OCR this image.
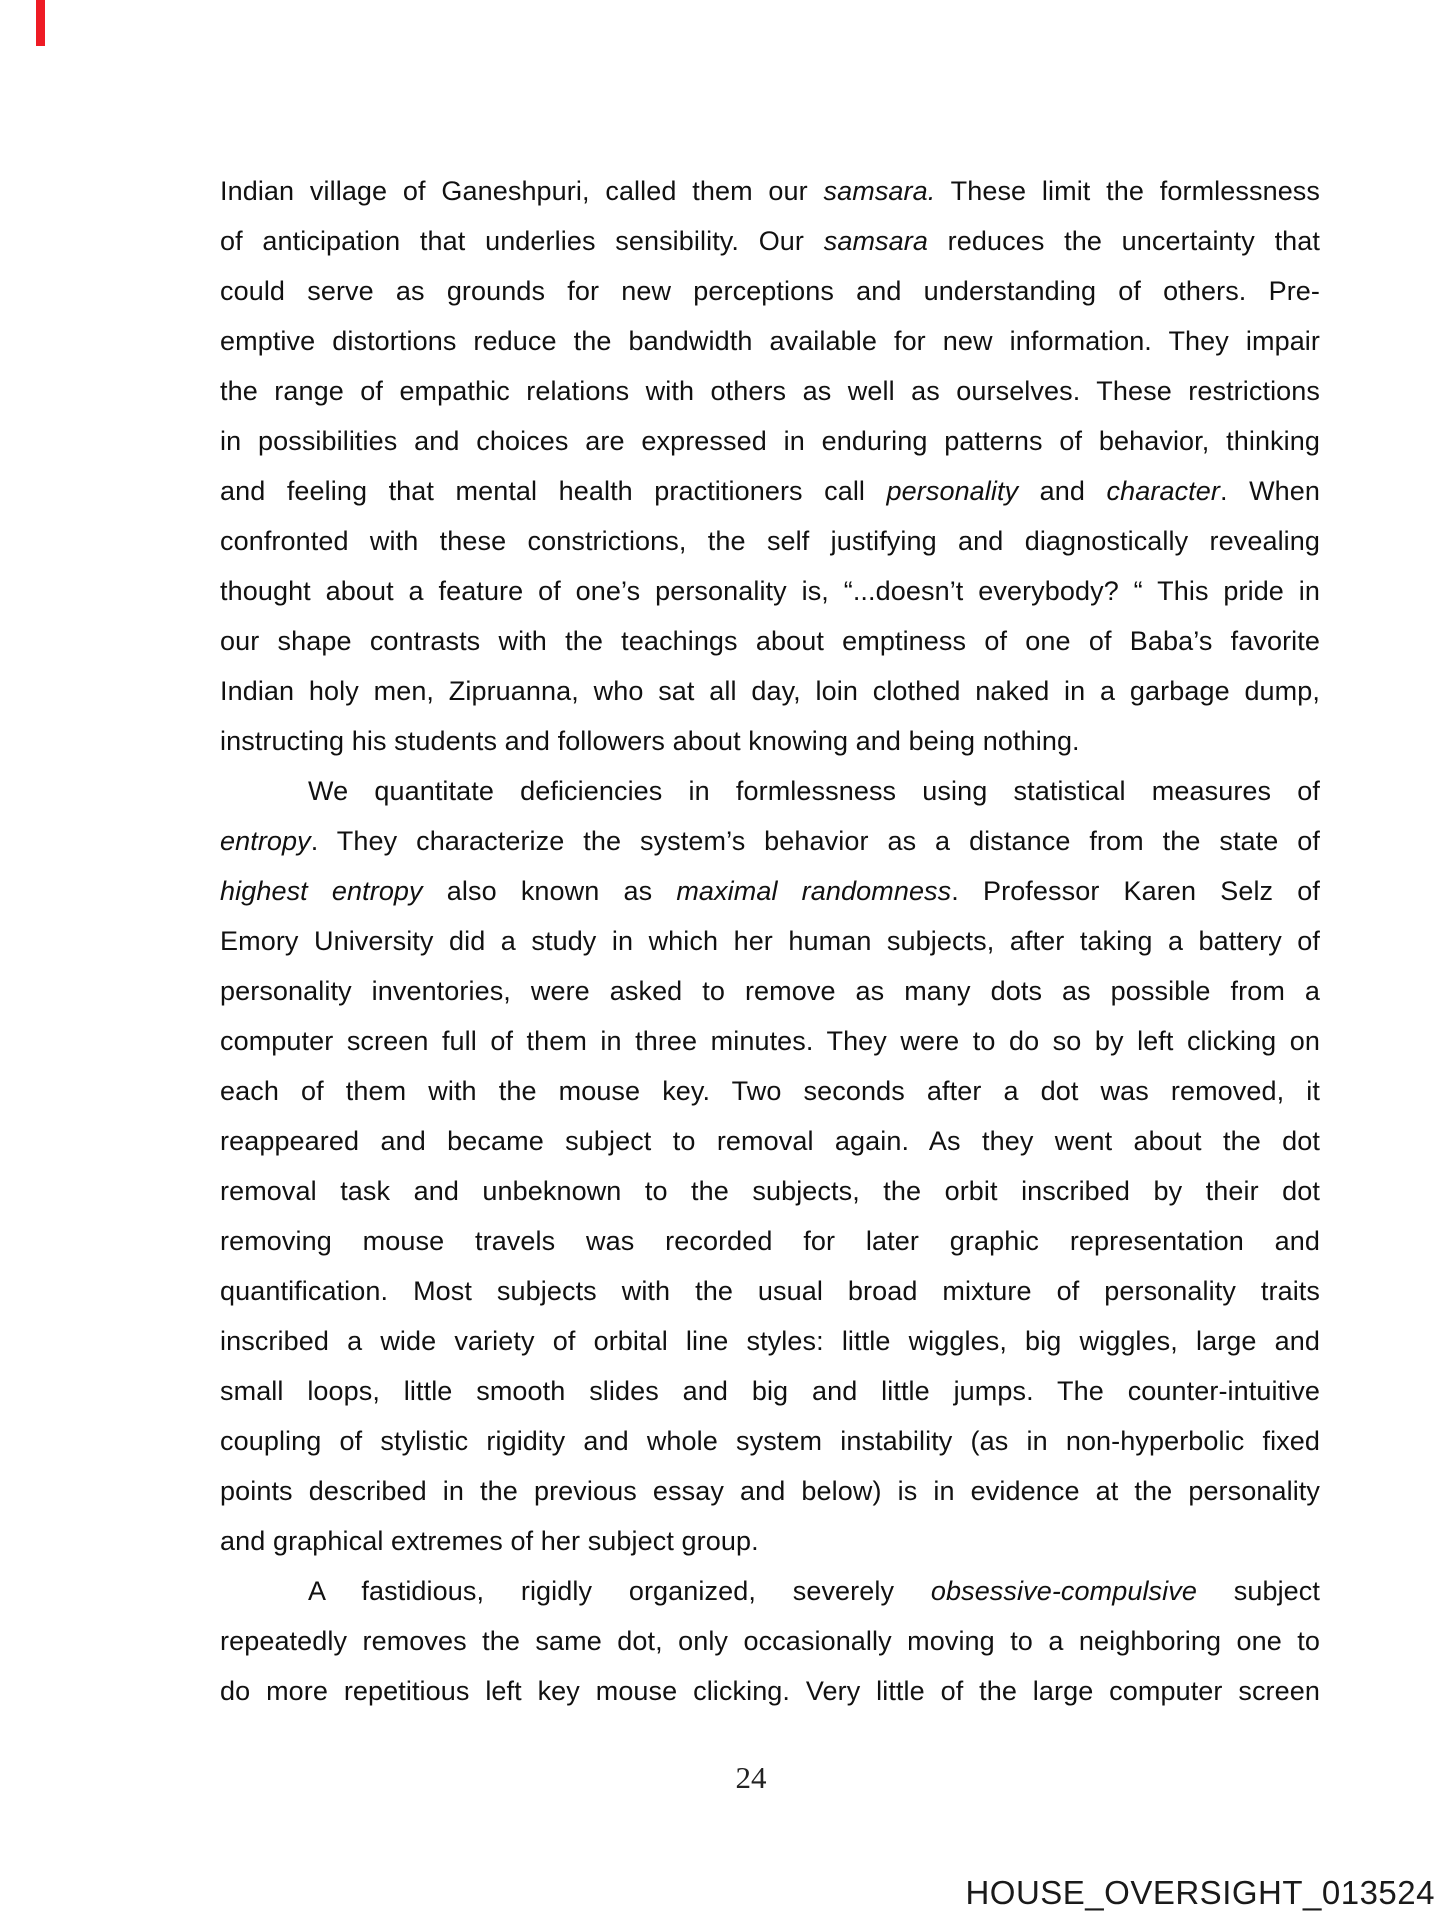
Indian village of Ganeshpuri, called them our samsara. These limit the formlessness
of anticipation that underlies sensibility. Our samsara reduces the uncertainty that
could serve as grounds for new perceptions and understanding of others. Pre-
emptive distortions reduce the bandwidth available for new information. They impair
the range of empathic relations with others as well as ourselves. These restrictions
in possibilities and choices are expressed in enduring patterns of behavior, thinking
and feeling that mental health practitioners call personality and character. When
confronted with these constrictions, the self justifying and diagnostically revealing
thought about a feature of one’s personality is, “...doesn’t everybody? “ This pride in
our shape contrasts with the teachings about emptiness of one of Baba’s favorite
Indian holy men, Zipruanna, who sat all day, loin clothed naked in a garbage dump,
instructing his students and followers about knowing and being nothing.
We quantitate deficiencies in formlessness using statistical measures of
entropy. They characterize the system’s behavior as a distance from the state of
highest entropy also known as maximal randomness. Professor Karen Selz of
Emory University did a study in which her human subjects, after taking a battery of
personality inventories, were asked to remove as many dots as possible from a
computer screen full of them in three minutes. They were to do so by left clicking on
each of them with the mouse key. Two seconds after a dot was removed, it
reappeared and became subject to removal again. As they went about the dot
removal task and unbeknown to the subjects, the orbit inscribed by their dot
removing mouse travels was recorded for later graphic representation and
quantification. Most subjects with the usual broad mixture of personality traits
inscribed a wide variety of orbital line styles: little wiggles, big wiggles, large and
small loops, little smooth slides and big and little jumps. The counter-intuitive
coupling of stylistic rigidity and whole system instability (as in non-hyperbolic fixed
points described in the previous essay and below) is in evidence at the personality
and graphical extremes of her subject group.
A fastidious, rigidly organized, severely obsessive-compulsive subject
repeatedly removes the same dot, only occasionally moving to a neighboring one to
do more repetitious left key mouse clicking. Very little of the large computer screen
24
HOUSE_OVERSIGHT_013524
